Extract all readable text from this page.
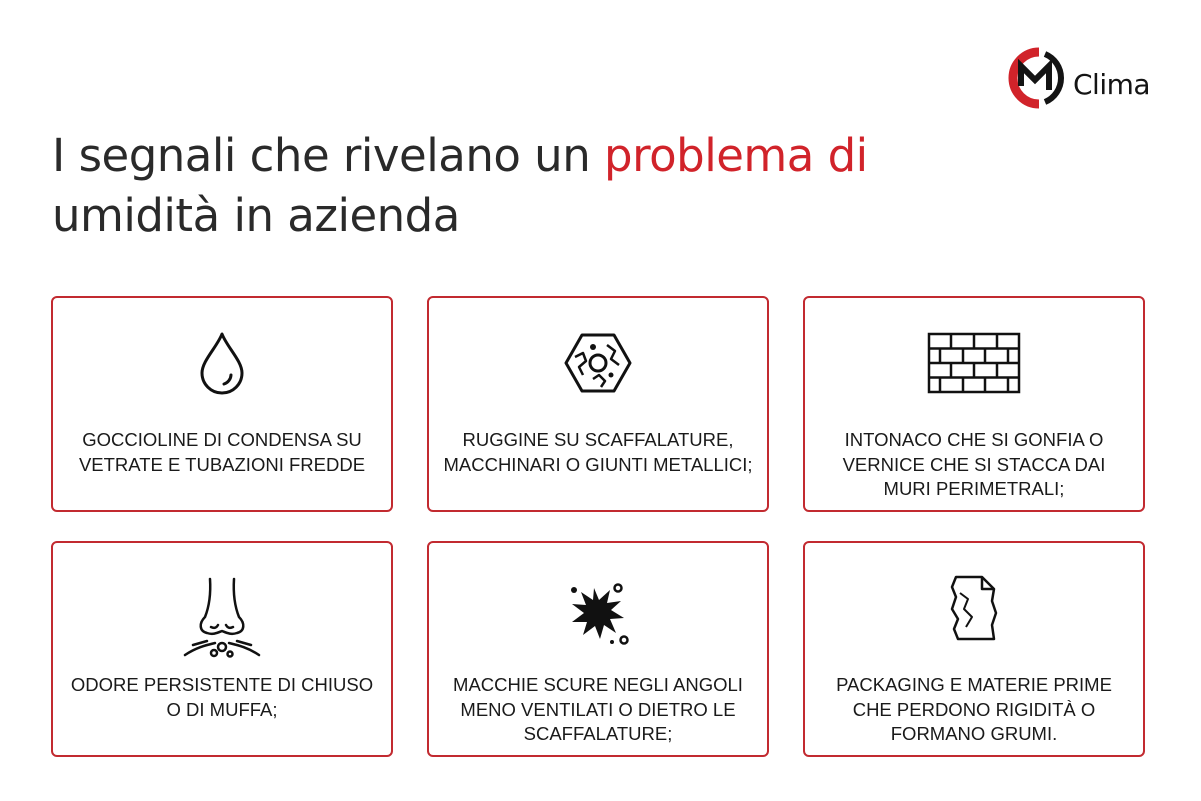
Clima
I segnali che rivelano un problema di
umidità in azienda
GOCCIOLINE DI CONDENSA SU VETRATE E TUBAZIONI FREDDE
RUGGINE SU SCAFFALATURE, MACCHINARI O GIUNTI METALLICI;
INTONACO CHE SI GONFIA O VERNICE CHE SI STACCA DAI MURI PERIMETRALI;
ODORE PERSISTENTE DI CHIUSO O DI MUFFA;
MACCHIE SCURE NEGLI ANGOLI MENO VENTILATI O DIETRO LE SCAFFALATURE;
PACKAGING E MATERIE PRIME CHE PERDONO RIGIDITÀ O FORMANO GRUMI.
